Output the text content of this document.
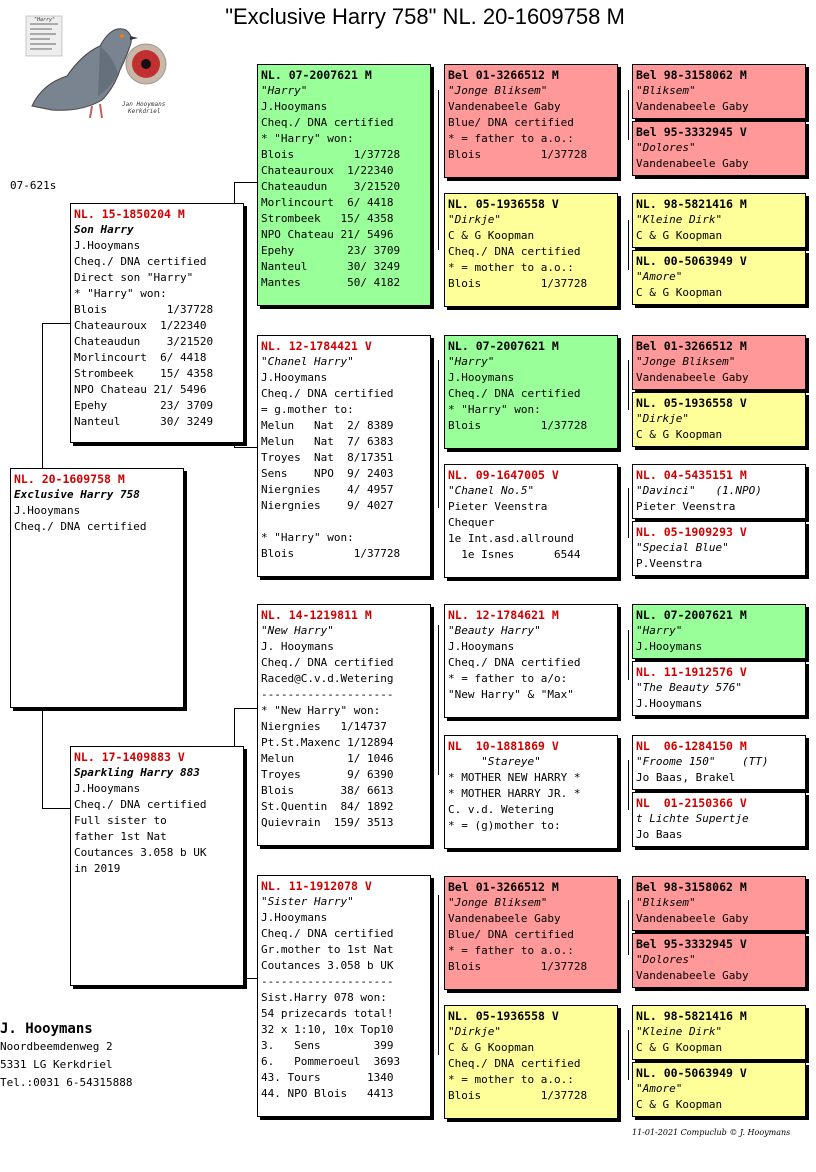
"Exclusive Harry 758" NL. 20-1609758 M
"Harry"
Jan Hooymans
Kerkdriel
07-621s
NL. 20-1609758 M
Exclusive Harry 758
J.Hooymans
Cheq./ DNA certified
NL. 15-1850204 M
Son Harry
J.Hooymans
Cheq./ DNA certified
Direct son "Harry"
* "Harry" won:
Blois         1/37728
Chateauroux  1/22340
Chateaudun    3/21520
Morlincourt  6/ 4418
Strombeek    15/ 4358
NPO Chateau 21/ 5496
Epehy        23/ 3709
Nanteul      30/ 3249
NL. 17-1409883 V
Sparkling Harry 883
J.Hooymans
Cheq./ DNA certified
Full sister to
father 1st Nat
Coutances 3.058 b UK
in 2019
NL. 07-2007621 M
"Harry"
J.Hooymans
Cheq./ DNA certified
* "Harry" won:
Blois         1/37728
Chateauroux  1/22340
Chateaudun    3/21520
Morlincourt  6/ 4418
Strombeek   15/ 4358
NPO Chateau 21/ 5496
Epehy        23/ 3709
Nanteul      30/ 3249
Mantes       50/ 4182
NL. 12-1784421 V
"Chanel Harry"
J.Hooymans
Cheq./ DNA certified
= g.mother to:
Melun   Nat  2/ 8389
Melun   Nat  7/ 6383
Troyes  Nat  8/17351
Sens    NPO  9/ 2403
Niergnies    4/ 4957
Niergnies    9/ 4027

* "Harry" won:
Blois         1/37728
NL. 14-1219811 M
"New Harry"
J. Hooymans
Cheq./ DNA certified
Raced@C.v.d.Wetering
--------------------
* "New Harry" won:
Niergnies   1/14737
Pt.St.Maxenc 1/12894
Melun        1/ 1046
Troyes       9/ 6390
Blois       38/ 6613
St.Quentin  84/ 1892
Quievrain  159/ 3513
NL. 11-1912078 V
"Sister Harry"
J.Hooymans
Cheq./ DNA certified
Gr.mother to 1st Nat
Coutances 3.058 b UK
--------------------
Sist.Harry 078 won:
54 prizecards total!
32 x 1:10, 10x Top10
3.   Sens        399
6.   Pommeroeul  3693
43. Tours       1340
44. NPO Blois   4413
Bel 01-3266512 M
"Jonge Bliksem"
Vandenabeele Gaby
Blue/ DNA certified
* = father to a.o.:
Blois         1/37728
NL. 05-1936558 V
"Dirkje"
C & G Koopman
Cheq./ DNA certified
* = mother to a.o.:
Blois         1/37728
NL. 07-2007621 M
"Harry"
J.Hooymans
Cheq./ DNA certified
* "Harry" won:
Blois         1/37728
NL. 09-1647005 V
"Chanel No.5"
Pieter Veenstra
Chequer
1e Int.asd.allround
1e Isnes      6544
NL. 12-1784621 M
"Beauty Harry"
J.Hooymans
Cheq./ DNA certified
* = father to a/o:
"New Harry" & "Max"
NL  10-1881869 V
"Stareye"
* MOTHER NEW HARRY *
* MOTHER HARRY JR. *
C. v.d. Wetering
* = (g)mother to:
Bel 01-3266512 M
"Jonge Bliksem"
Vandenabeele Gaby
Blue/ DNA certified
* = father to a.o.:
Blois         1/37728
NL. 05-1936558 V
"Dirkje"
C & G Koopman
Cheq./ DNA certified
* = mother to a.o.:
Blois         1/37728
Bel 98-3158062 M
"Bliksem"
Vandenabeele Gaby
Bel 95-3332945 V
"Dolores"
Vandenabeele Gaby
NL. 98-5821416 M
"Kleine Dirk"
C & G Koopman
NL. 00-5063949 V
"Amore"
C & G Koopman
Bel 01-3266512 M
"Jonge Bliksem"
Vandenabeele Gaby
NL. 05-1936558 V
"Dirkje"
C & G Koopman
NL. 04-5435151 M
"Davinci"   (1.NPO)
Pieter Veenstra
NL. 05-1909293 V
"Special Blue"
P.Veenstra
NL. 07-2007621 M
"Harry"
J.Hooymans
NL. 11-1912576 V
"The Beauty 576"
J.Hooymans
NL  06-1284150 M
"Froome 150"    (TT)
Jo Baas, Brakel
NL  01-2150366 V
t Lichte Supertje
Jo Baas
Bel 98-3158062 M
"Bliksem"
Vandenabeele Gaby
Bel 95-3332945 V
"Dolores"
Vandenabeele Gaby
NL. 98-5821416 M
"Kleine Dirk"
C & G Koopman
NL. 00-5063949 V
"Amore"
C & G Koopman
J. Hooymans
Noordbeemdenweg 2
5331 LG Kerkdriel
Tel.:0031 6-54315888
11-01-2021 Compuclub © J. Hooymans
